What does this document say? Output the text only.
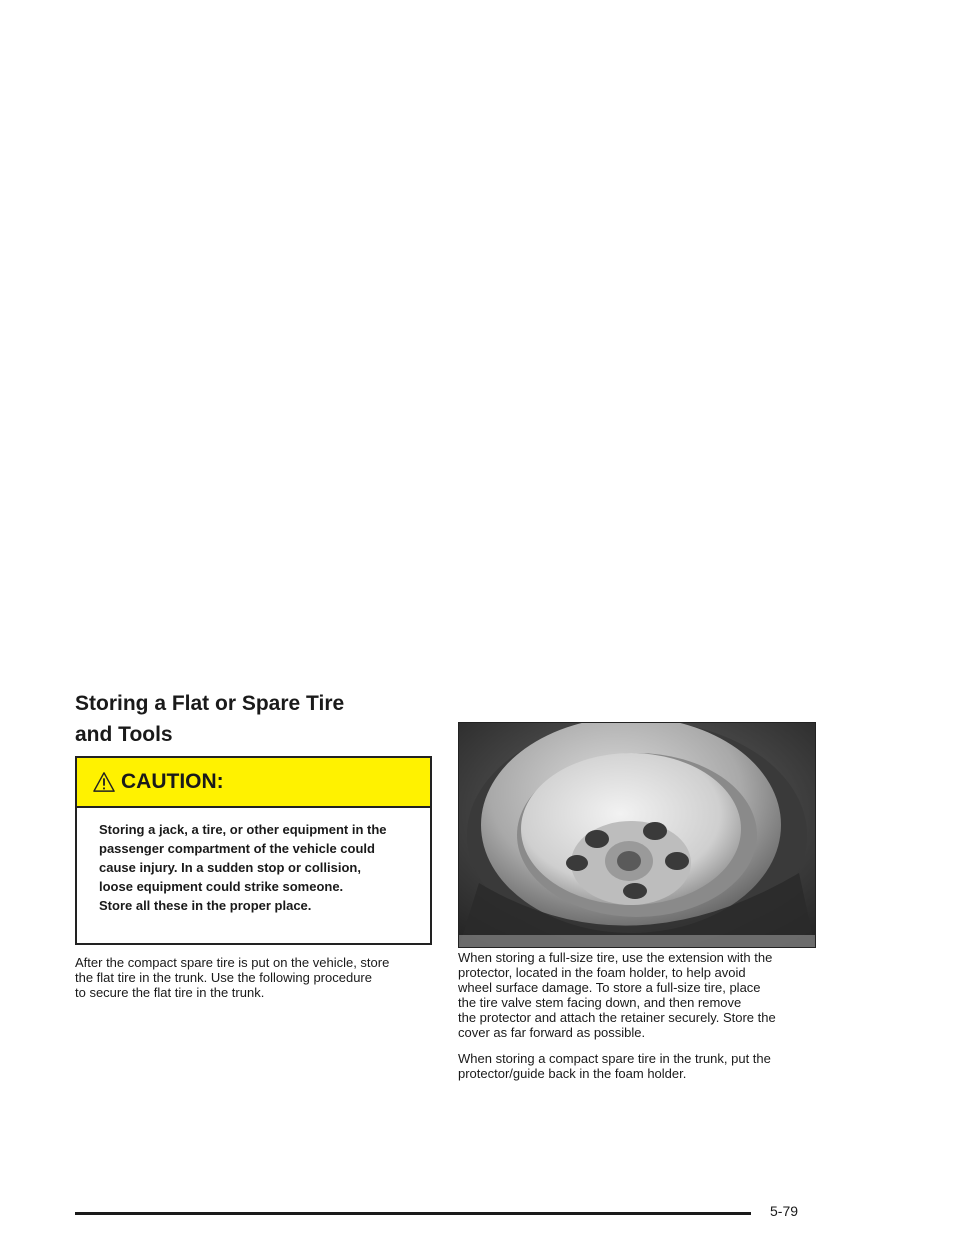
Storing a Flat or Spare Tire
and Tools
CAUTION:

Storing a jack, a tire, or other equipment in the

passenger compartment of the vehicle could

cause injury. In a sudden stop or collision,

loose equipment could strike someone.

Store all these in the proper place.

After the compact spare tire is put on the vehicle, store
the flat tire in the trunk. Use the following procedure
to secure the flat tire in the trunk.

When storing a full-size tire, use the extension with the
protector, located in the foam holder, to help avoid
wheel surface damage. To store a full-size tire, place
the tire valve stem facing down, and then remove
the protector and attach the retainer securely. Store the
cover as far forward as possible.

When storing a compact spare tire in the trunk, put the
protector/guide back in the foam holder.

5-79
